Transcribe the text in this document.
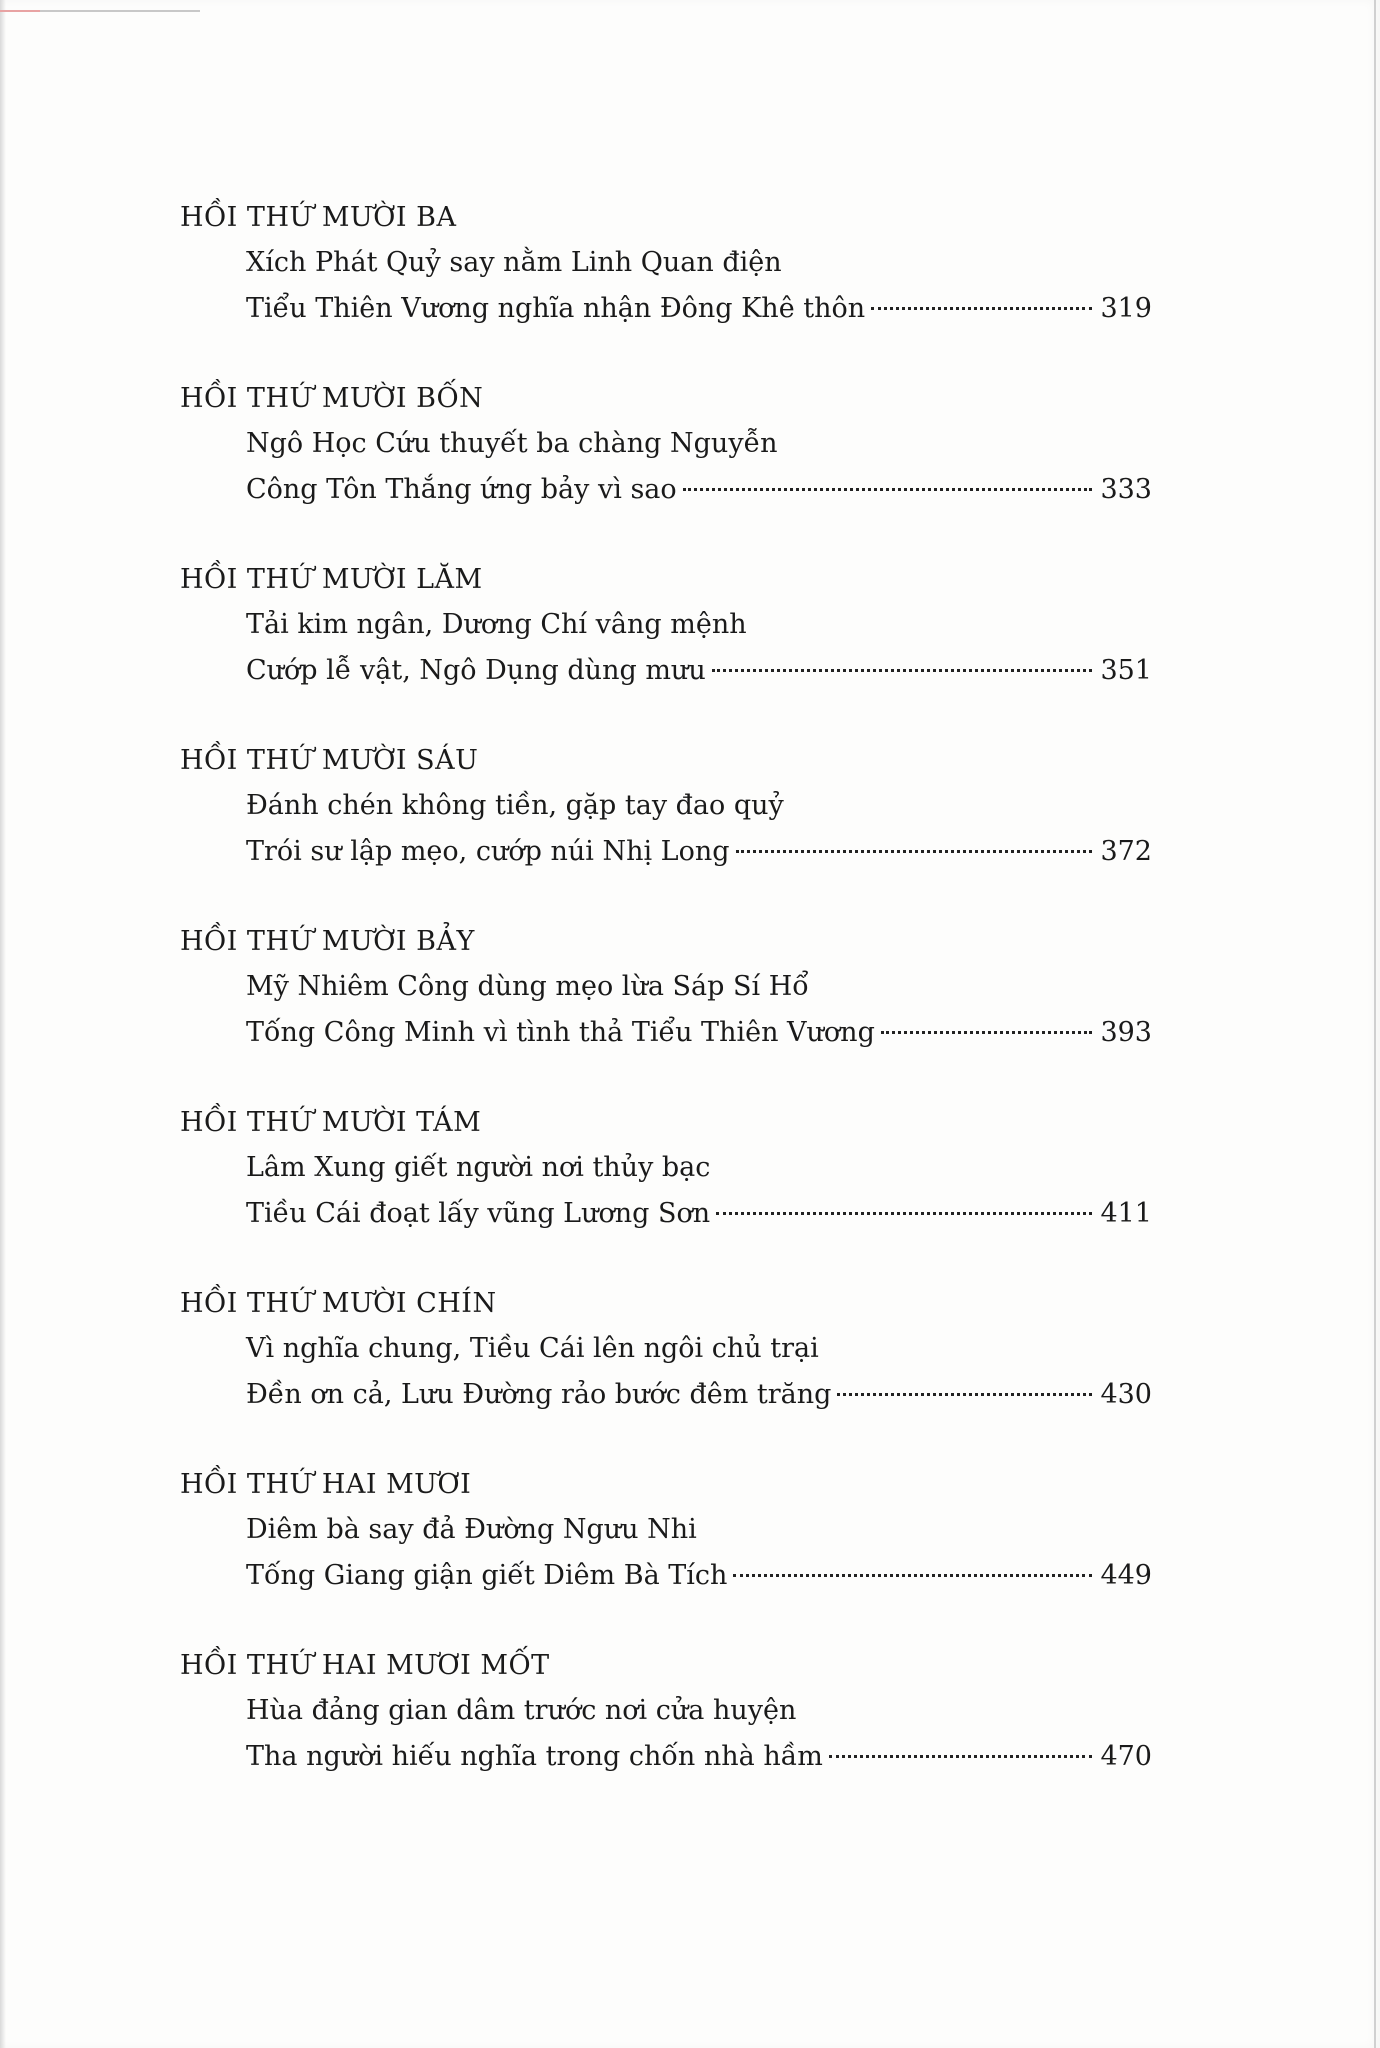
HỒI THỨ MƯỜI BA
Xích Phát Quỷ say nằm Linh Quan điện
Tiểu Thiên Vương nghĩa nhận Đông Khê thôn	319
HỒI THỨ MƯỜI BỐN
Ngô Học Cứu thuyết ba chàng Nguyễn
Công Tôn Thắng ứng bảy vì sao	333
HỒI THỨ MƯỜI LĂM
Tải kim ngân, Dương Chí vâng mệnh
Cướp lễ vật, Ngô Dụng dùng mưu	351
HỒI THỨ MƯỜI SÁU
Đánh chén không tiền, gặp tay đao quỷ
Trói sư lập mẹo, cướp núi Nhị Long	372
HỒI THỨ MƯỜI BẢY
Mỹ Nhiêm Công dùng mẹo lừa Sáp Sí Hổ
Tống Công Minh vì tình thả Tiểu Thiên Vương	393
HỒI THỨ MƯỜI TÁM
Lâm Xung giết người nơi thủy bạc
Tiều Cái đoạt lấy vũng Lương Sơn	411
HỒI THỨ MƯỜI CHÍN
Vì nghĩa chung, Tiều Cái lên ngôi chủ trại
Đền ơn cả, Lưu Đường rảo bước đêm trăng	430
HỒI THỨ HAI MƯƠI
Diêm bà say đả Đường Ngưu Nhi
Tống Giang giận giết Diêm Bà Tích	449
HỒI THỨ HAI MƯƠI MỐT
Hùa đảng gian dâm trước nơi cửa huyện
Tha người hiếu nghĩa trong chốn nhà hầm	470
